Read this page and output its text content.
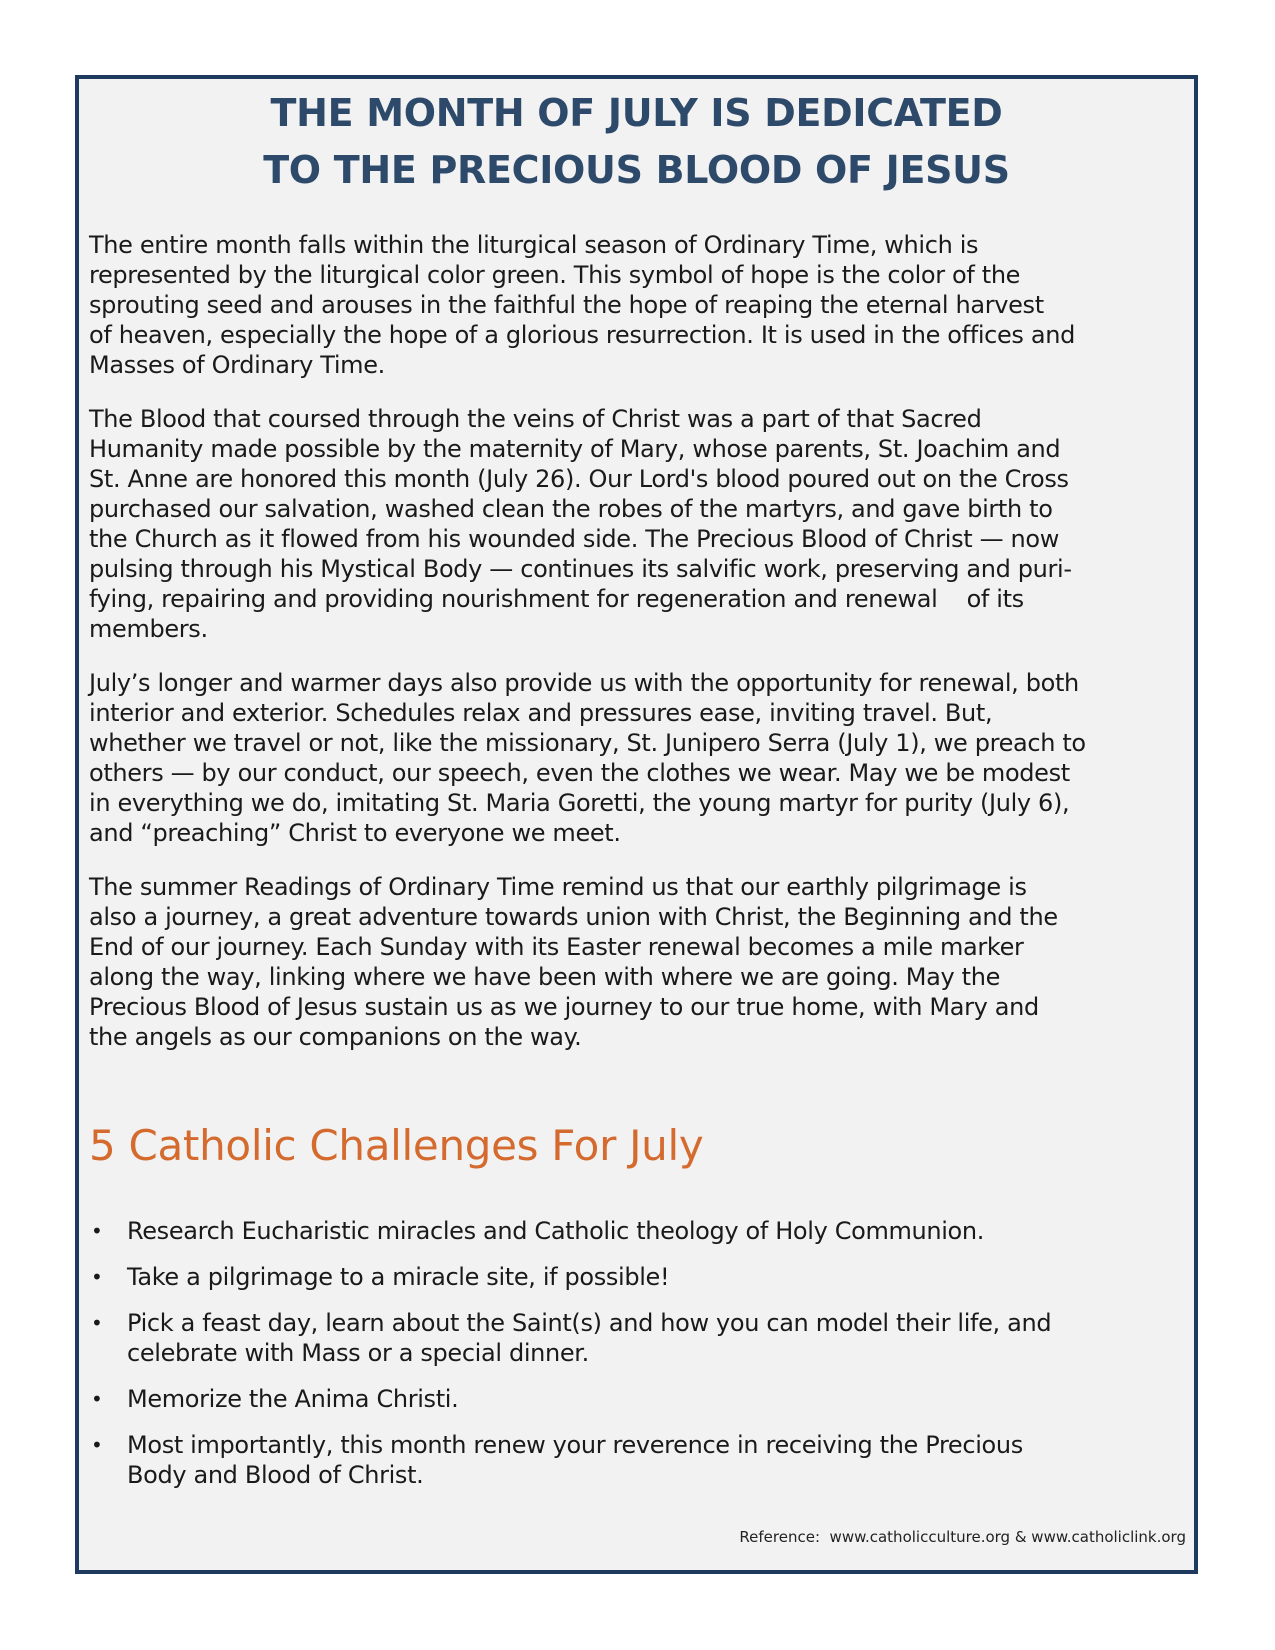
THE MONTH OF JULY IS DEDICATED
TO THE PRECIOUS BLOOD OF JESUS

The entire month falls within the liturgical season of Ordinary Time, which is
represented by the liturgical color green. This symbol of hope is the color of the
sprouting seed and arouses in the faithful the hope of reaping the eternal harvest
of heaven, especially the hope of a glorious resurrection. It is used in the offices and
Masses of Ordinary Time.

The Blood that coursed through the veins of Christ was a part of that Sacred
Humanity made possible by the maternity of Mary, whose parents, St. Joachim and
St. Anne are honored this month (July 26). Our Lord's blood poured out on the Cross
purchased our salvation, washed clean the robes of the martyrs, and gave birth to
the Church as it flowed from his wounded side. The Precious Blood of Christ — now
pulsing through his Mystical Body — continues its salvific work, preserving and puri-
fying, repairing and providing nourishment for regeneration and renewal    of its
members.

July’s longer and warmer days also provide us with the opportunity for renewal, both
interior and exterior. Schedules relax and pressures ease, inviting travel. But,
whether we travel or not, like the missionary, St. Junipero Serra (July 1), we preach to
others — by our conduct, our speech, even the clothes we wear. May we be modest
in everything we do, imitating St. Maria Goretti, the young martyr for purity (July 6),
and “preaching” Christ to everyone we meet.

The summer Readings of Ordinary Time remind us that our earthly pilgrimage is
also a journey, a great adventure towards union with Christ, the Beginning and the
End of our journey. Each Sunday with its Easter renewal becomes a mile marker
along the way, linking where we have been with where we are going. May the
Precious Blood of Jesus sustain us as we journey to our true home, with Mary and
the angels as our companions on the way.

5 Catholic Challenges For July
• Research Eucharistic miracles and Catholic theology of Holy Communion.
• Take a pilgrimage to a miracle site, if possible!
• Pick a feast day, learn about the Saint(s) and how you can model their life, and
celebrate with Mass or a special dinner.
• Memorize the Anima Christi.
• Most importantly, this month renew your reverence in receiving the Precious
Body and Blood of Christ.
Reference:  www.catholicculture.org & www.catholiclink.org
